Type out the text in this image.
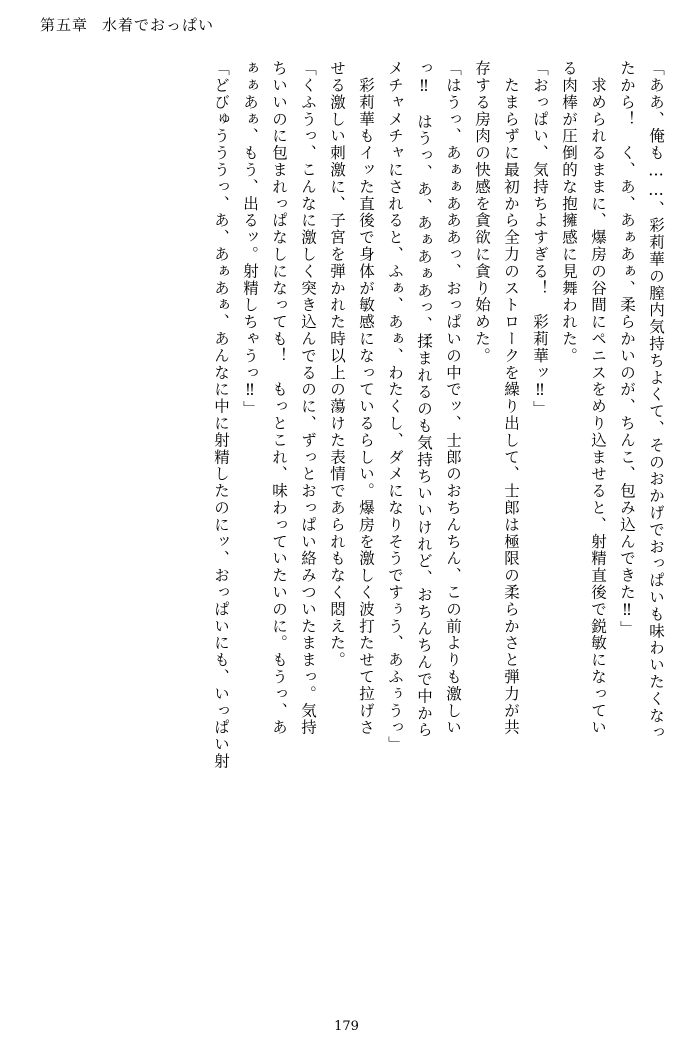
第五章 水着でおっぱい
「ああ、俺も……、彩莉華の膣内気持ちよくて、そのおかげでおっぱいも味わいたくなっ
たから！　く、あ、あぁあぁ、柔らかいのが、ちんこ、包み込んできた‼」
　求められるままに、爆房の谷間にペニスをめり込ませると、射精直後で鋭敏になってい
る肉棒が圧倒的な抱擁感に見舞われた。
「おっぱい、気持ちよすぎる！　彩莉華ッ‼」
　たまらずに最初から全力のストロークを繰り出して、士郎は極限の柔らかさと弾力が共
存する房肉の快感を貪欲に貪り始めた。
「はうっ、あぁぁあああっ、おっぱいの中でッ、士郎のおちんちん、この前よりも激しい
っ‼　はうっ、あ、あぁあぁあっ、揉まれるのも気持ちいいけれど、おちんちんで中から
メチャメチャにされると、ふぁ、あぁ、わたくし、ダメになりそうですぅう、あふぅうっ」
　彩莉華もイッた直後で身体が敏感になっているらしい。爆房を激しく波打たせて拉げさ
せる激しい刺激に、子宮を弾かれた時以上の蕩けた表情であられもなく悶えた。
「くふうっ、こんなに激しく突き込んでるのに、ずっとおっぱい絡みついたままっ。気持
ちいいのに包まれっぱなしになっても！　もっとこれ、味わっていたいのに。もうっ、あ
ぁぁあぁ、もう、出るッ。射精しちゃうっ‼」
「どびゅうううっ、あ、あぁあぁ、あんなに中に射精したのにッ、おっぱいにも、いっぱい射
179
